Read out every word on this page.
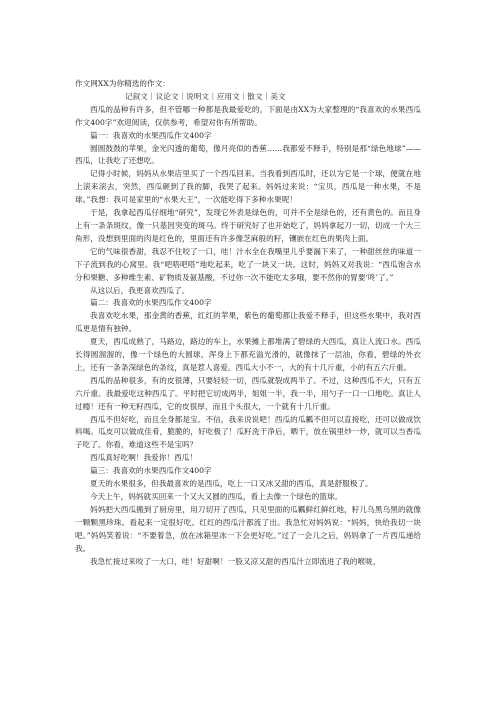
作文网XX为你精选的作文：

记叙文｜议论文｜说明文｜应用文｜散文｜美文

西瓜的品种有许多，但不管哪一种都是我最爱吃的。下面是由XX为大家整理的“我喜欢的水果西瓜作文400字”欢迎阅读，仅供参考，希望对你有所帮助。

篇一：我喜欢的水果西瓜作文400字

圆圆鼓鼓的苹果，金光闪透的葡萄，像月亮似的香蕉……我都爱不释手，特别是那“绿色地球”——西瓜，让我吃了还想吃。

记得小时候，妈妈从水果店里买了一个西瓜回来。当我看到西瓜时，还以为它是一个球，便就在地上滚来滚去，突然，西瓜砸到了我的脚，我哭了起来。妈妈过来说：“宝贝，西瓜是一种水果，不是球。”我想：我可是家里的“水果大王”，一次能吃得下多种水果呢！

于是，我拿起西瓜仔细地“研究”，发现它外表是绿色的，可并不全是绿色的，还有黄色的。而且身上有一条条斑纹，像一只基因突变的斑马。终于研究好了也开始吃了，妈妈拿起刀一切，切成一个大三角形，没想到里面的肉是红色的，里面还有许多像芝麻般的籽，镶嵌在红色的果肉上面。

它的气味很香甜，我忍不住咬了一口，哇！汁水全在我嘴里儿乎要漏下来了，一种甜丝丝的味道一下子流到我的心窝里。我“吧嗒吧嗒”地吃起来，吃了一块又一块。这时，妈妈又对我说：“西瓜饱含水分和果糖、多种维生素、矿物质及氨基酸，不过你一次不能吃太多哦，要不然你的胃要‘咚’了。”

从这以后，我更喜欢西瓜了。

篇二：我喜欢的水果西瓜作文400字

我喜欢吃水果，那金黄的香蕉，红红的苹果，紫色的葡萄都让我爱不释手，但这些水果中，我对西瓜更是情有独钟。

夏天，西瓜成熟了，马路边，路边的车上，水果摊上都堆满了碧绿的大西瓜，真让人流口水。西瓜长得圆溜溜的，像一个绿色的大圆球，浑身上下都充溢光滑的，就像抹了一层油，你看，碧绿的外衣上，还有一条条深绿色的条纹，真是惹人喜爱。西瓜大小不一，大的有十几斤重，小的有五六斤重。

西瓜的品种很多，有的皮很薄，只要轻轻一切，西瓜就裂成两半了。不过，这种西瓜不大，只有五六斤重。我最爱吃这种西瓜了。平时把它切成两半，姐姐一半，我一半，用勺子一口一口地吃。真让人过瘾！还有一种无籽西瓜，它的皮很厚，而且个头很大，一个就有十几斤重。

西瓜不但好吃，而且全身都是宝。不信，我来说说吧！西瓜的瓜瓤不但可以直接吃，还可以做成饮料喝。瓜皮可以做成佳肴，脆脆的，好吃极了！瓜籽洗干净后，晒干，放在锅里炒一炒，就可以当香瓜子吃了。你看，难道这些不是宝吗？

西瓜真好吃啊！我爱你！西瓜！

篇三：我喜欢的水果西瓜作文400字

夏天的水果很多，但我最喜欢的是西瓜，吃上一口又冰又甜的西瓜，真是舒服极了。

今天上午，妈妈就买回来一个又大又圆的西瓜，看上去像一个绿色的篮球。

妈妈把大西瓜搬到了厨房里，用刀切开了西瓜，只见里面的瓜瓤鲜红鲜红地，籽儿乌黑乌黑的就像一颗颗黑珍珠。看起来一定很好吃。红红的西瓜汁都流了出。我急忙对妈妈说：“妈妈，快给我切一块吧。”妈妈笑着说：“不要着急，放在冰箱里冰一下会更好吃。”过了一会儿之后，妈妈拿了一片西瓜递给我。

我急忙接过来咬了一大口，哇！好甜啊！一股又凉又甜的西瓜汁立即流进了我的喉咙，
